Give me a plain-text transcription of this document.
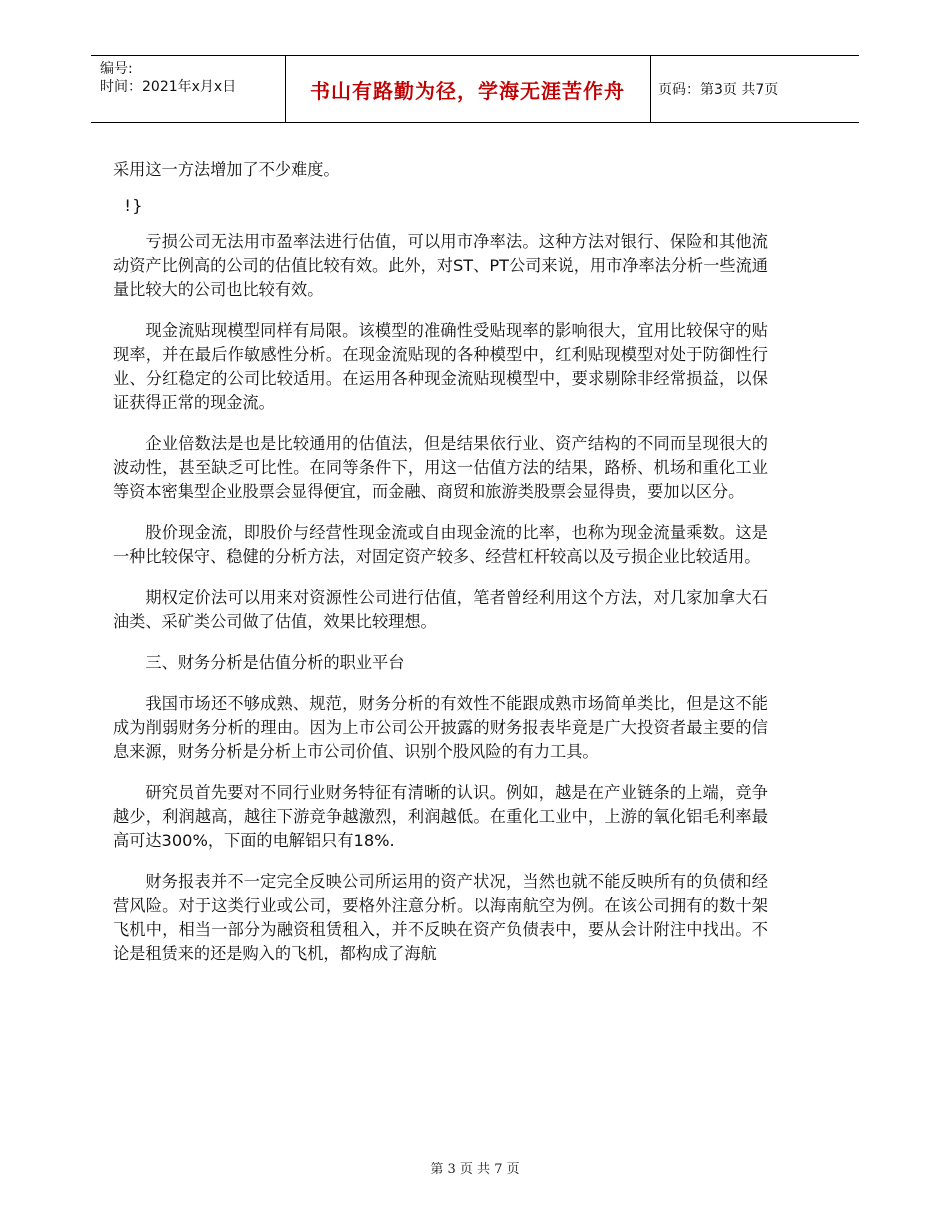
编号:
时间：2021年x月x日	书山有路勤为径，学海无涯苦作舟 页码：第3页 共7页

采用这一方法增加了不少难度。

!}

亏损公司无法用市盈率法进行估值，可以用市净率法。这种方法对银行、保险和其他流动资产比例高的公司的估值比较有效。此外，对ST、PT公司来说，用市净率法分析一些流通量比较大的公司也比较有效。

现金流贴现模型同样有局限。该模型的准确性受贴现率的影响很大，宜用比较保守的贴现率，并在最后作敏感性分析。在现金流贴现的各种模型中，红利贴现模型对处于防御性行业、分红稳定的公司比较适用。在运用各种现金流贴现模型中，要求剔除非经常损益，以保证获得正常的现金流。

企业倍数法是也是比较通用的估值法，但是结果依行业、资产结构的不同而呈现很大的波动性，甚至缺乏可比性。在同等条件下，用这一估值方法的结果，路桥、机场和重化工业等资本密集型企业股票会显得便宜，而金融、商贸和旅游类股票会显得贵，要加以区分。

股价现金流，即股价与经营性现金流或自由现金流的比率，也称为现金流量乘数。这是一种比较保守、稳健的分析方法，对固定资产较多、经营杠杆较高以及亏损企业比较适用。

期权定价法可以用来对资源性公司进行估值，笔者曾经利用这个方法，对几家加拿大石油类、采矿类公司做了估值，效果比较理想。

三、财务分析是估值分析的职业平台

我国市场还不够成熟、规范，财务分析的有效性不能跟成熟市场简单类比，但是这不能成为削弱财务分析的理由。因为上市公司公开披露的财务报表毕竟是广大投资者最主要的信息来源，财务分析是分析上市公司价值、识别个股风险的有力工具。

研究员首先要对不同行业财务特征有清晰的认识。例如，越是在产业链条的上端，竞争越少，利润越高，越往下游竞争越激烈，利润越低。在重化工业中，上游的氧化铝毛利率最高可达300%，下面的电解铝只有18%.

财务报表并不一定完全反映公司所运用的资产状况，当然也就不能反映所有的负债和经营风险。对于这类行业或公司，要格外注意分析。以海南航空为例。在该公司拥有的数十架飞机中，相当一部分为融资租赁租入，并不反映在资产负债表中，要从会计附注中找出。不论是租赁来的还是购入的飞机，都构成了海航

第 3 页 共 7 页
